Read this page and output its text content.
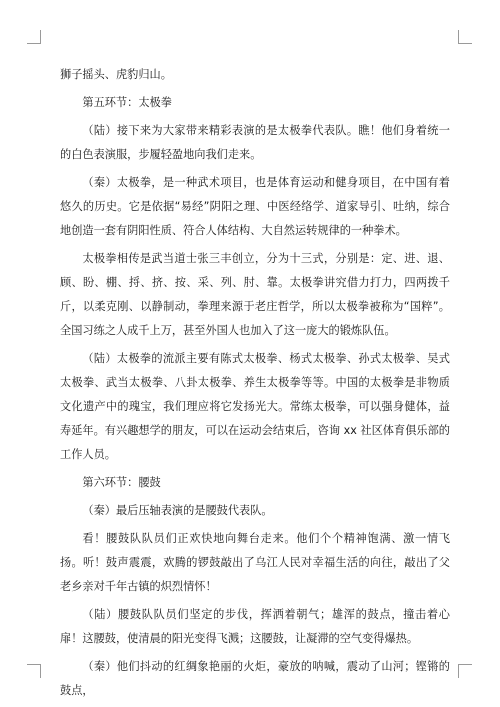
狮子摇头、虎豹归山。

第五环节：太极拳

（陆）接下来为大家带来精彩表演的是太极拳代表队。瞧！他们身着统一的白色表演服，步履轻盈地向我们走来。

（秦）太极拳，是一种武术项目，也是体育运动和健身项目，在中国有着悠久的历史。它是依据“易经”阴阳之理、中医经络学、道家导引、吐纳，综合地创造一套有阴阳性质、符合人体结构、大自然运转规律的一种拳术。

太极拳相传是武当道士张三丰创立，分为十三式，分别是：定、进、退、顾、盼、棚、捋、挤、按、采、列、肘、靠。太极拳讲究借力打力，四两拨千斤，以柔克刚、以静制动，拳理来源于老庄哲学，所以太极拳被称为“国粹”。全国习练之人成千上万，甚至外国人也加入了这一庞大的锻炼队伍。

（陆）太极拳的流派主要有陈式太极拳、杨式太极拳、孙式太极拳、吴式太极拳、武当太极拳、八卦太极拳、养生太极拳等等。中国的太极拳是非物质文化遗产中的瑰宝，我们理应将它发扬光大。常练太极拳，可以强身健体，益寿延年。有兴趣想学的朋友，可以在运动会结束后，咨询 xx 社区体育俱乐部的工作人员。

第六环节：腰鼓

（秦）最后压轴表演的是腰鼓代表队。

看！腰鼓队队员们正欢快地向舞台走来。他们个个精神饱满、激一情飞扬。听！鼓声震震，欢腾的锣鼓敲出了乌江人民对幸福生活的向往，敲出了父老乡亲对千年古镇的炽烈情怀！

（陆）腰鼓队队员们坚定的步伐，挥洒着朝气；雄浑的鼓点，撞击着心扉！这腰鼓，使清晨的阳光变得飞溅；这腰鼓，让凝滞的空气变得爆热。

（秦）他们抖动的红绸象艳丽的火炬，豪放的呐喊，震动了山河；铿锵的鼓点，
